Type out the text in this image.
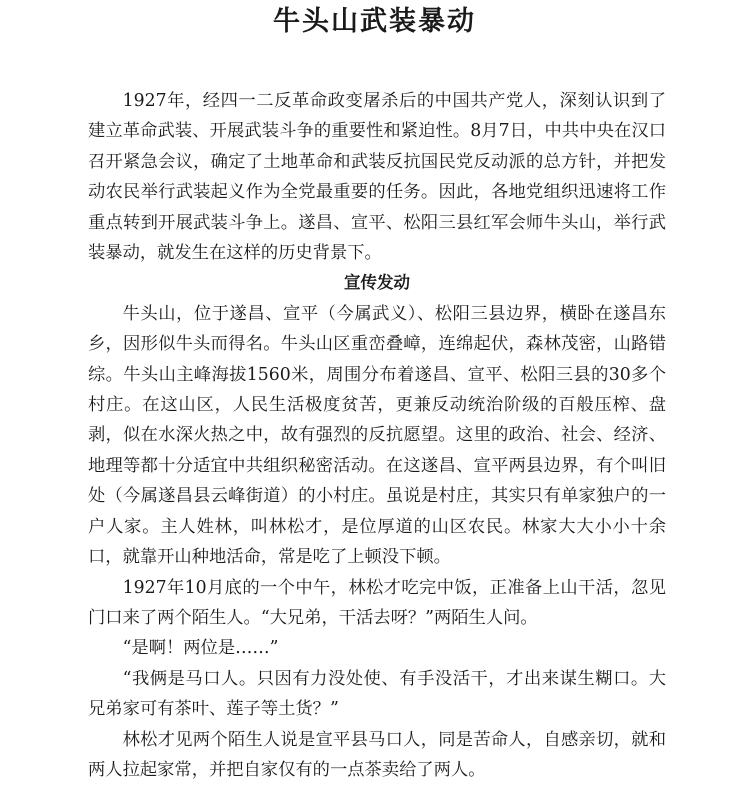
牛头山武装暴动

1927年，经四一二反革命政变屠杀后的中国共产党人，深刻认识到了建立革命武装、开展武装斗争的重要性和紧迫性。8月7日，中共中央在汉口召开紧急会议，确定了土地革命和武装反抗国民党反动派的总方针，并把发动农民举行武装起义作为全党最重要的任务。因此，各地党组织迅速将工作重点转到开展武装斗争上。遂昌、宣平、松阳三县红军会师牛头山，举行武装暴动，就发生在这样的历史背景下。

宣传发动

牛头山，位于遂昌、宣平（今属武义）、松阳三县边界，横卧在遂昌东乡，因形似牛头而得名。牛头山区重峦叠嶂，连绵起伏，森林茂密，山路错综。牛头山主峰海拔1560米，周围分布着遂昌、宣平、松阳三县的30多个村庄。在这山区，人民生活极度贫苦，更兼反动统治阶级的百般压榨、盘剥，似在水深火热之中，故有强烈的反抗愿望。这里的政治、社会、经济、地理等都十分适宜中共组织秘密活动。在这遂昌、宣平两县边界，有个叫旧处（今属遂昌县云峰街道）的小村庄。虽说是村庄，其实只有单家独户的一户人家。主人姓林，叫林松才，是位厚道的山区农民。林家大大小小十余口，就靠开山种地活命，常是吃了上顿没下顿。

1927年10月底的一个中午，林松才吃完中饭，正准备上山干活，忽见门口来了两个陌生人。“大兄弟，干活去呀？”两陌生人问。

“是啊！两位是……”

“我俩是马口人。只因有力没处使、有手没活干，才出来谋生糊口。大兄弟家可有茶叶、莲子等土货？”

林松才见两个陌生人说是宣平县马口人，同是苦命人，自感亲切，就和两人拉起家常，并把自家仅有的一点茶卖给了两人。
